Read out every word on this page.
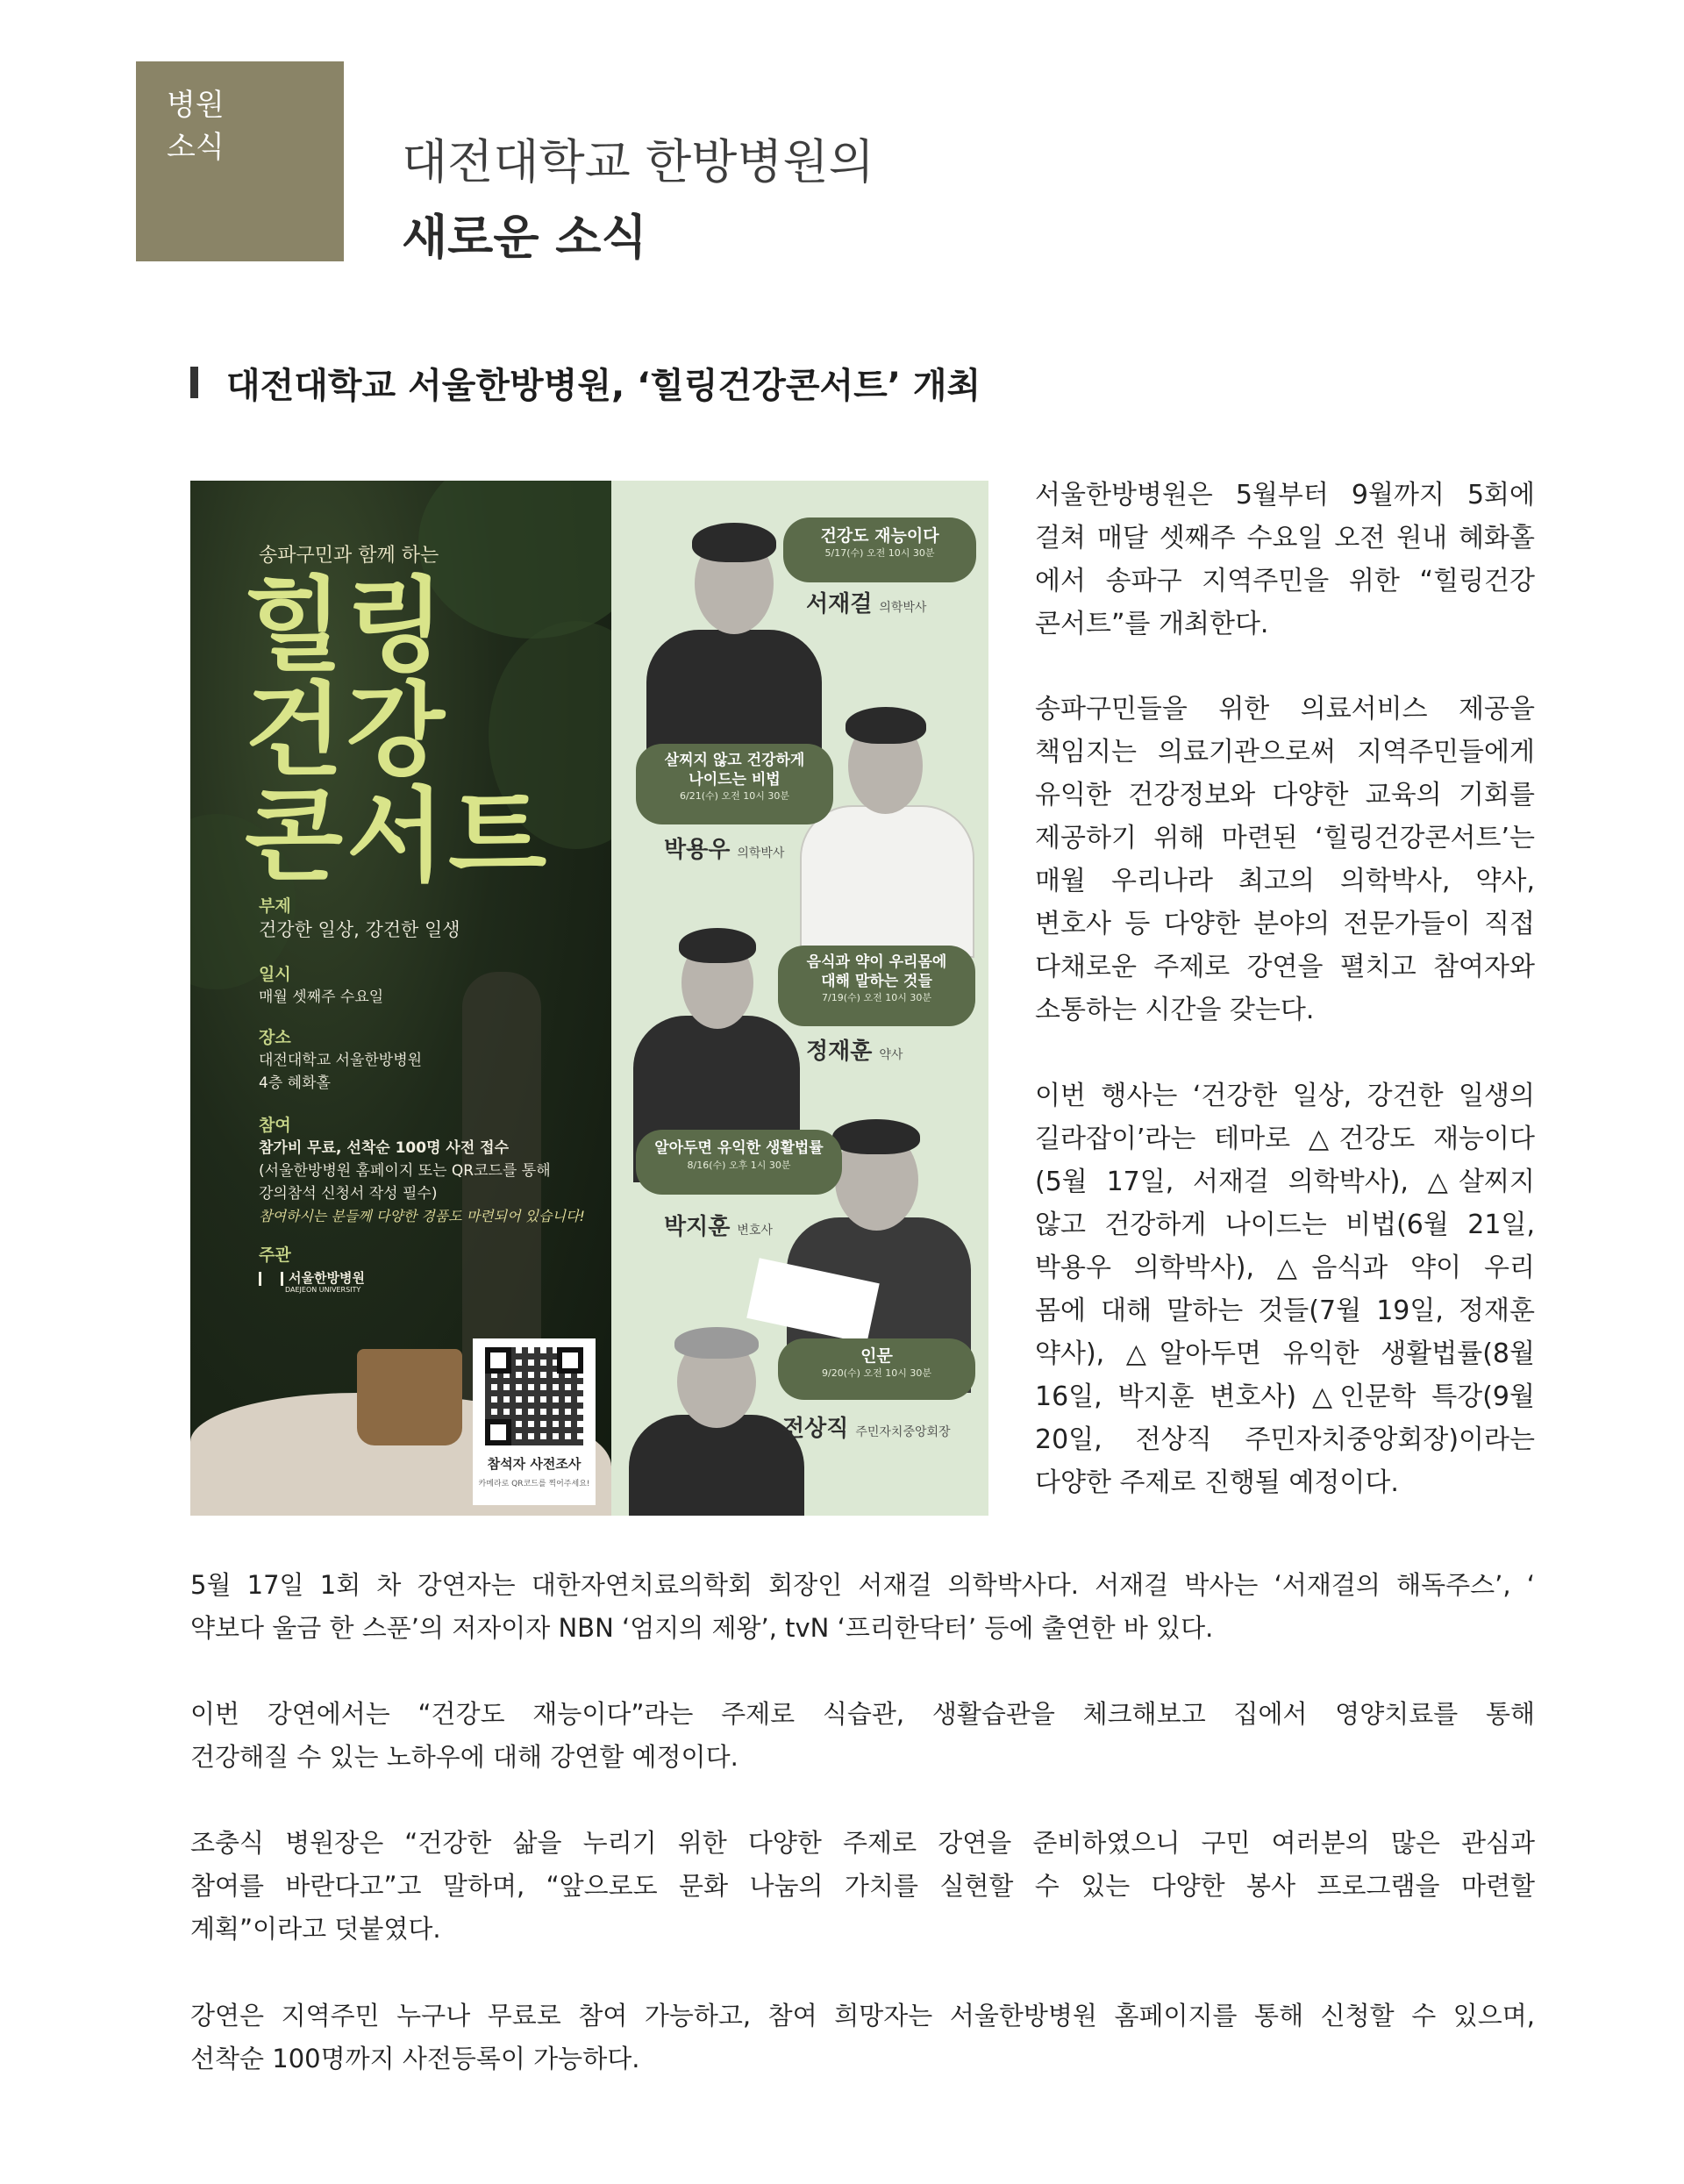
병원
소식	대전대학교 한방병원의
새로운 소식
대전대학교 서울한방병원, ‘힐링건강콘서트’ 개최
송파구민과 함께 하는
힐링
건강
콘서트
부제
건강한 일상, 강건한 일생
일시
매월 셋째주 수요일
장소
대전대학교 서울한방병원
4층 혜화홀
참여
참가비 무료, 선착순 100명 사전 접수
(서울한방병원 홈페이지 또는 QR코드를 통해
강의참석 신청서 작성 필수)
참여하시는 분들께 다양한 경품도 마련되어 있습니다!
주관
서울한방병원
DAEJEON UNIVERSITY
참석자 사전조사
카메라로 QR코드를 찍어주세요!
건강도 재능이다
5/17(수) 오전 10시 30분
서재걸 의학박사
살찌지 않고 건강하게
나이드는 비법
6/21(수) 오전 10시 30분
박용우 의학박사
음식과 약이 우리몸에
대해 말하는 것들
7/19(수) 오전 10시 30분
정재훈 약사
알아두면 유익한 생활법률
8/16(수) 오후 1시 30분
박지훈 변호사
인문
9/20(수) 오전 10시 30분
전상직 주민자치중앙회장

서울한방병원은 5월부터 9월까지 5회에

걸쳐 매달 셋째주 수요일 오전 원내 혜화홀

에서 송파구 지역주민을 위한 “힐링건강

콘서트”를 개최한다.

송파구민들을 위한 의료서비스 제공을

책임지는 의료기관으로써 지역주민들에게

유익한 건강정보와 다양한 교육의 기회를

제공하기 위해 마련된 ‘힐링건강콘서트’는

매월 우리나라 최고의 의학박사, 약사,

변호사 등 다양한 분야의 전문가들이 직접

다채로운 주제로 강연을 펼치고 참여자와

소통하는 시간을 갖는다.

이번 행사는 ‘건강한 일상, 강건한 일생의

길라잡이’라는 테마로 △건강도 재능이다

(5월 17일, 서재걸 의학박사), △살찌지

않고 건강하게 나이드는 비법(6월 21일,

박용우 의학박사), △음식과 약이 우리

몸에 대해 말하는 것들(7월 19일, 정재훈

약사), △알아두면 유익한 생활법률(8월

16일, 박지훈 변호사) △인문학 특강(9월

20일, 전상직 주민자치중앙회장)이라는

다양한 주제로 진행될 예정이다.

5월 17일 1회 차 강연자는 대한자연치료의학회 회장인 서재걸 의학박사다. 서재걸 박사는 ‘서재걸의 해독주스’, ‘

약보다 울금 한 스푼’의 저자이자 NBN ‘엄지의 제왕’, tvN ‘프리한닥터’ 등에 출연한 바 있다.

이번 강연에서는 “건강도 재능이다”라는 주제로 식습관, 생활습관을 체크해보고 집에서 영양치료를 통해

건강해질 수 있는 노하우에 대해 강연할 예정이다.

조충식 병원장은 “건강한 삶을 누리기 위한 다양한 주제로 강연을 준비하였으니 구민 여러분의 많은 관심과

참여를 바란다고”고 말하며, “앞으로도 문화 나눔의 가치를 실현할 수 있는 다양한 봉사 프로그램을 마련할

계획”이라고 덧붙였다.

강연은 지역주민 누구나 무료로 참여 가능하고, 참여 희망자는 서울한방병원 홈페이지를 통해 신청할 수 있으며,

선착순 100명까지 사전등록이 가능하다.
